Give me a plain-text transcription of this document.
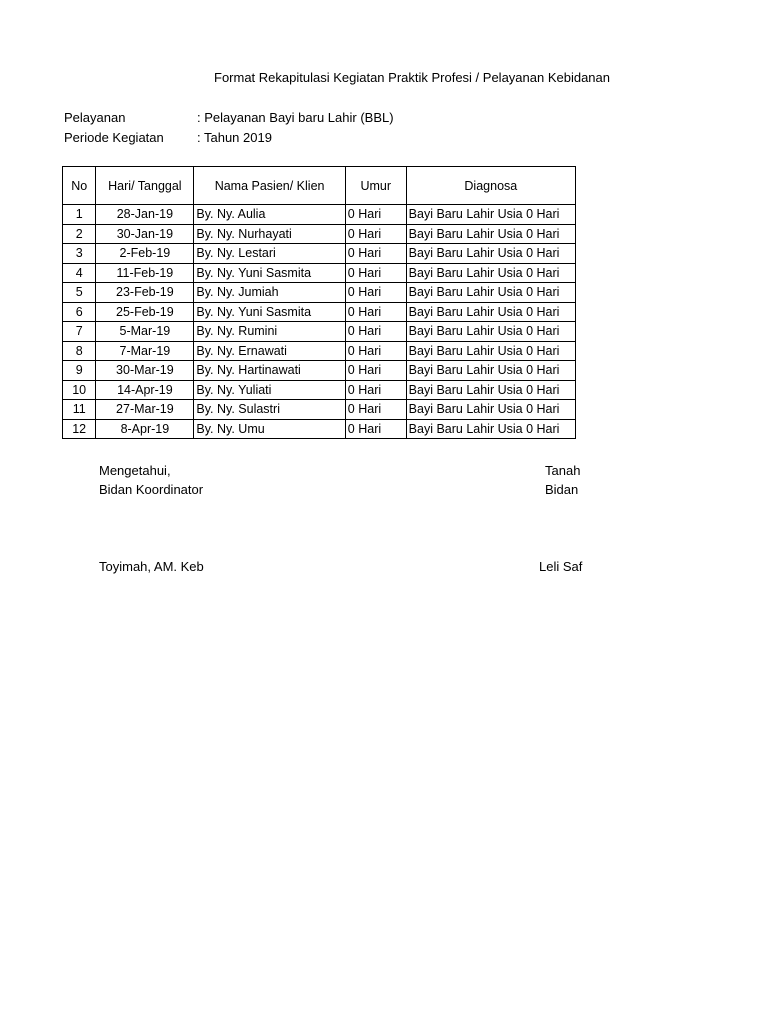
Format Rekapitulasi Kegiatan Praktik Profesi / Pelayanan Kebidanan
Pelayanan	: Pelayanan Bayi baru Lahir (BBL)
Periode Kegiatan	: Tahun 2019
No	Hari/ Tanggal	Nama Pasien/ Klien	Umur	Diagnosa
1	28-Jan-19	By. Ny. Aulia	0 Hari	Bayi Baru Lahir Usia 0 Hari
2	30-Jan-19	By. Ny. Nurhayati	0 Hari	Bayi Baru Lahir Usia 0 Hari
3	2-Feb-19	By. Ny. Lestari	0 Hari	Bayi Baru Lahir Usia 0 Hari
4	11-Feb-19	By. Ny. Yuni Sasmita	0 Hari	Bayi Baru Lahir Usia 0 Hari
5	23-Feb-19	By. Ny. Jumiah	0 Hari	Bayi Baru Lahir Usia 0 Hari
6	25-Feb-19	By. Ny. Yuni Sasmita	0 Hari	Bayi Baru Lahir Usia 0 Hari
7	5-Mar-19	By. Ny. Rumini	0 Hari	Bayi Baru Lahir Usia 0 Hari
8	7-Mar-19	By. Ny. Ernawati	0 Hari	Bayi Baru Lahir Usia 0 Hari
9	30-Mar-19	By. Ny. Hartinawati	0 Hari	Bayi Baru Lahir Usia 0 Hari
10	14-Apr-19	By. Ny. Yuliati	0 Hari	Bayi Baru Lahir Usia 0 Hari
11	27-Mar-19	By. Ny. Sulastri	0 Hari	Bayi Baru Lahir Usia 0 Hari
12	8-Apr-19	By. Ny. Umu	0 Hari	Bayi Baru Lahir Usia 0 Hari
Mengetahui,
Bidan Koordinator
Toyimah, AM. Keb
Tanah
Bidan
Leli Saf
